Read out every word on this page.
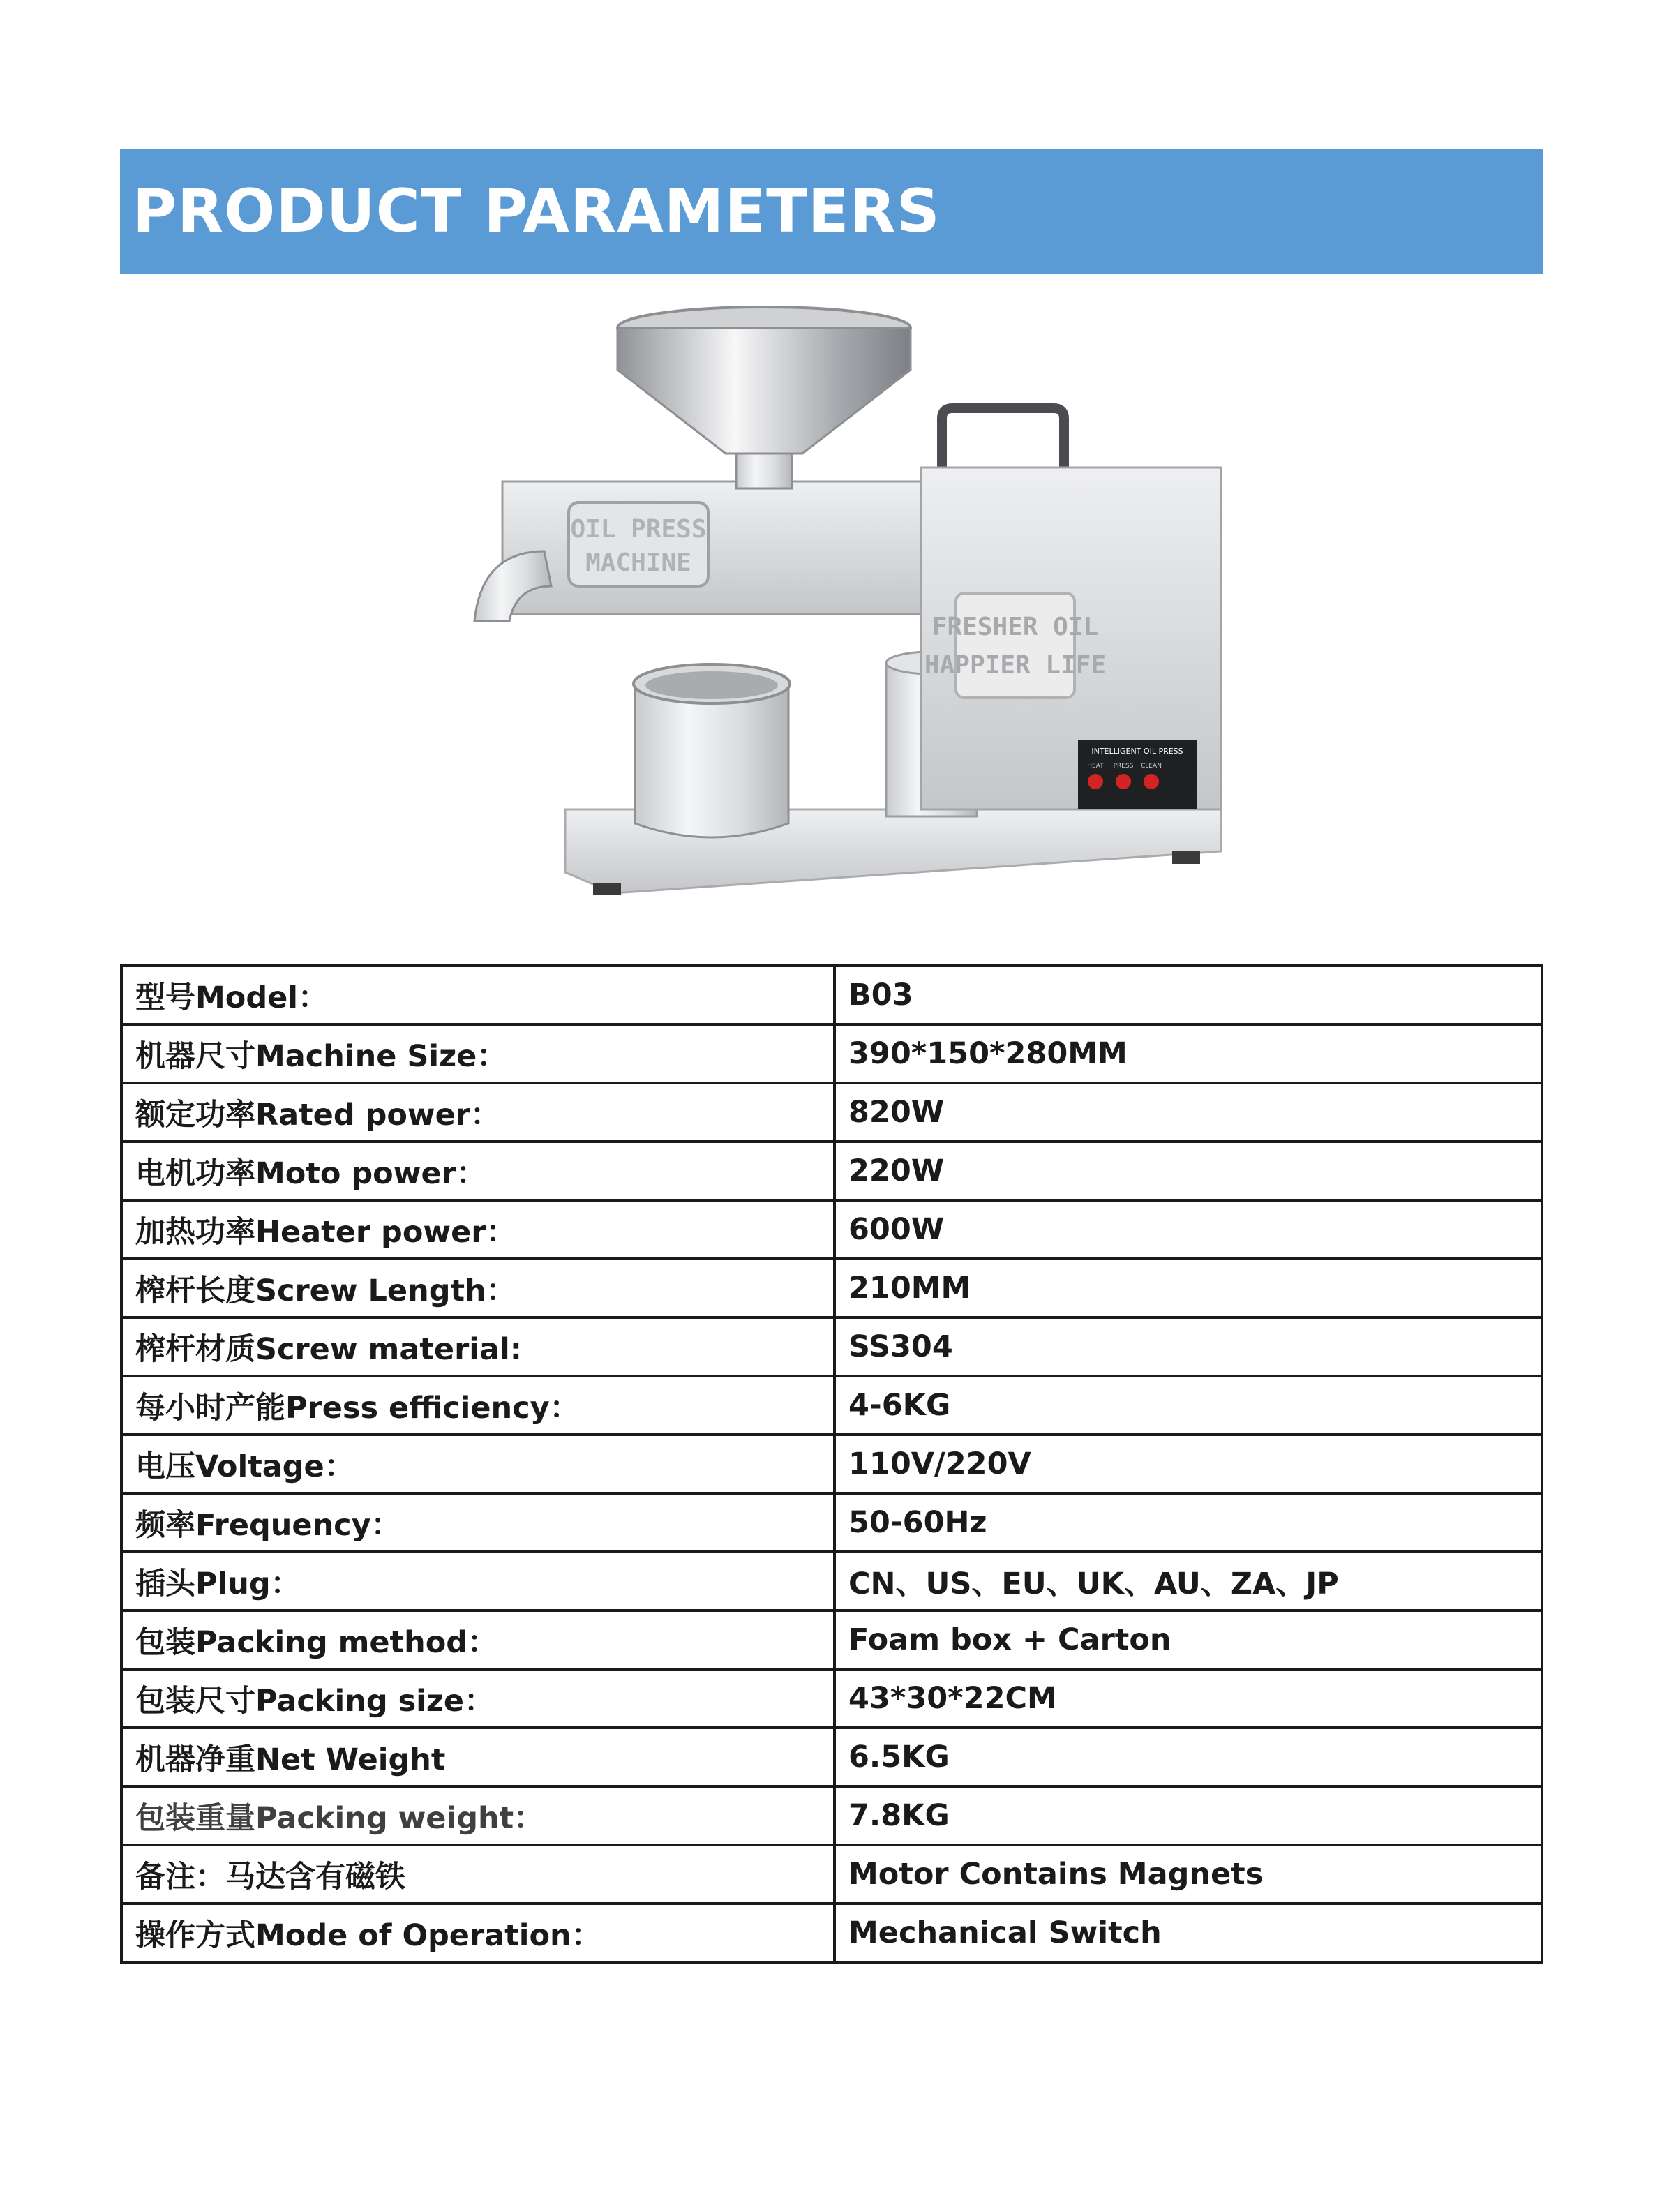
PRODUCT PARAMETERS
OIL PRESS
MACHINE
FRESHER OIL
HAPPIER LIFE
INTELLIGENT OIL PRESS
HEAT PRESS CLEAN
型号Model：	B03
机器尺寸Machine Size：	390*150*280MM
额定功率Rated power：	820W
电机功率Moto power：	220W
加热功率Heater power：	600W
榨杆长度Screw Length：	210MM
榨杆材质Screw material:	SS304
每小时产能Press efficiency：	4-6KG
电压Voltage：	110V/220V
频率Frequency：	50-60Hz
插头Plug：	CN、US、EU、UK、AU、ZA、JP
包装Packing method：	Foam box + Carton
包装尺寸Packing size：	43*30*22CM
机器净重Net Weight	6.5KG
包装重量Packing weight：	7.8KG
备注：马达含有磁铁	Motor Contains Magnets
操作方式Mode of Operation：	Mechanical Switch
